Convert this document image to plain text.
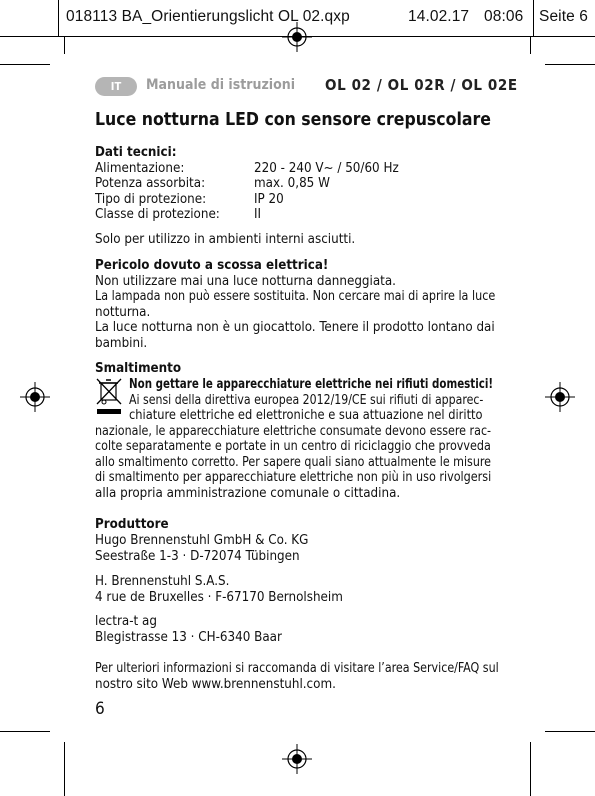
018113 BA_Orientierungslicht OL 02.qxp	14.02.17 08:06 Seite 6
IT	Manuale di istruzioni OL 02 / OL 02R / OL 02E
Luce notturna LED con sensore crepuscolare
Dati tecnici:
Alimentazione:	220 - 240 V~ / 50/60 Hz
Potenza assorbita:	max. 0,85 W
Tipo di protezione:	IP 20
Classe di protezione:	II
Solo per utilizzo in ambienti interni asciutti.
Pericolo dovuto a scossa elettrica!
Non utilizzare mai una luce notturna danneggiata.
La lampada non può essere sostituita. Non cercare mai di aprire la luce
notturna.
La luce notturna non è un giocattolo. Tenere il prodotto lontano dai
bambini.
Smaltimento
Non gettare le apparecchiature elettriche nei rifiuti domestici!
Ai sensi della direttiva europea 2012/19/CE sui rifiuti di apparec-
chiature elettriche ed elettroniche e sua attuazione nel diritto
nazionale, le apparecchiature elettriche consumate devono essere rac-
colte separatamente e portate in un centro di riciclaggio che provveda
allo smaltimento corretto. Per sapere quali siano attualmente le misure
di smaltimento per apparecchiature elettriche non più in uso rivolgersi
alla propria amministrazione comunale o cittadina.
Produttore
Hugo Brennenstuhl GmbH & Co. KG
Seestraße 1-3 · D-72074 Tübingen
H. Brennenstuhl S.A.S.
4 rue de Bruxelles · F-67170 Bernolsheim
lectra-t ag
Blegistrasse 13 · CH-6340 Baar
Per ulteriori informazioni si raccomanda di visitare l’area Service/FAQ sul
nostro sito Web www.brennenstuhl.com.
6
